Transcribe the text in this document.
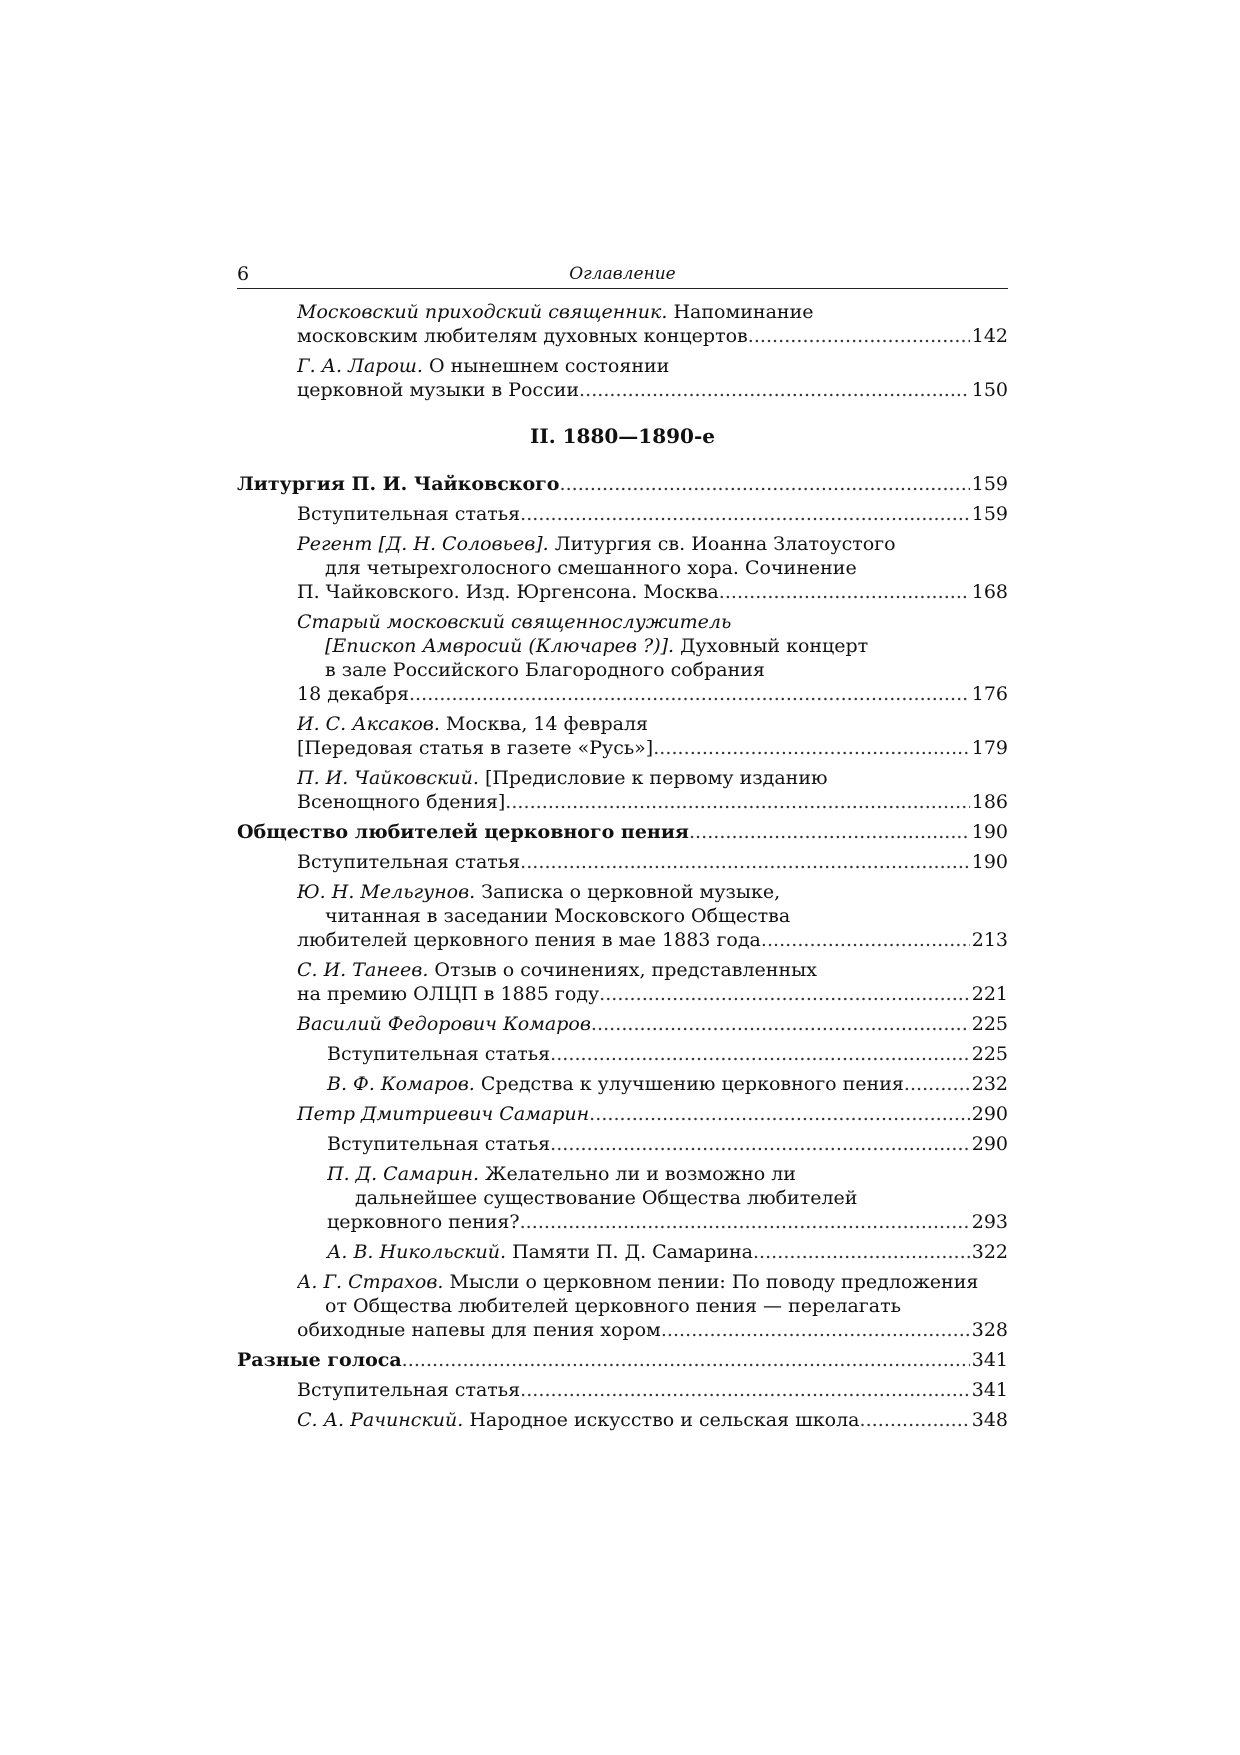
6	Оглавление
Московский приходский священник. Напоминание
московским любителям духовных концертов . . .	142
Г. А. Ларош. О нынешнем состоянии
церковной музыки в России . . .	150
II. 1880—1890-е
Литургия П. И. Чайковского . . .	159
Вступительная статья . . .	159
Регент [Д. Н. Соловьев]. Литургия св. Иоанна Златоустого
для четырехголосного смешанного хора. Сочинение
П. Чайковского. Изд. Юргенсона. Москва . . .	168
Старый московский священнослужитель
[Епископ Амвросий (Ключарев ?)]. Духовный концерт
в зале Российского Благородного собрания
18 декабря . . .	176
И. С. Аксаков. Москва, 14 февраля
[Передовая статья в газете «Русь»] . . .	179
П. И. Чайковский. [Предисловие к первому изданию
Всенощного бдения] . . .	186
Общество любителей церковного пения . . .	190
Вступительная статья . . .	190
Ю. Н. Мельгунов. Записка о церковной музыке,
читанная в заседании Московского Общества
любителей церковного пения в мае 1883 года . . .	213
С. И. Танеев. Отзыв о сочинениях, представленных
на премию ОЛЦП в 1885 году . . .	221
Василий Федорович Комаров . . .	225
Вступительная статья . . .	225
В. Ф. Комаров. Средства к улучшению церковного пения . . .	232
Петр Дмитриевич Самарин . . .	290
Вступительная статья . . .	290
П. Д. Самарин. Желательно ли и возможно ли
дальнейшее существование Общества любителей
церковного пения? . . .	293
А. В. Никольский. Памяти П. Д. Самарина . . .	322
А. Г. Страхов. Мысли о церковном пении: По поводу предложения
от Общества любителей церковного пения — перелагать
обиходные напевы для пения хором . . .	328
Разные голоса . . .	341
Вступительная статья . . .	341
С. А. Рачинский. Народное искусство и сельская школа . . .	348
